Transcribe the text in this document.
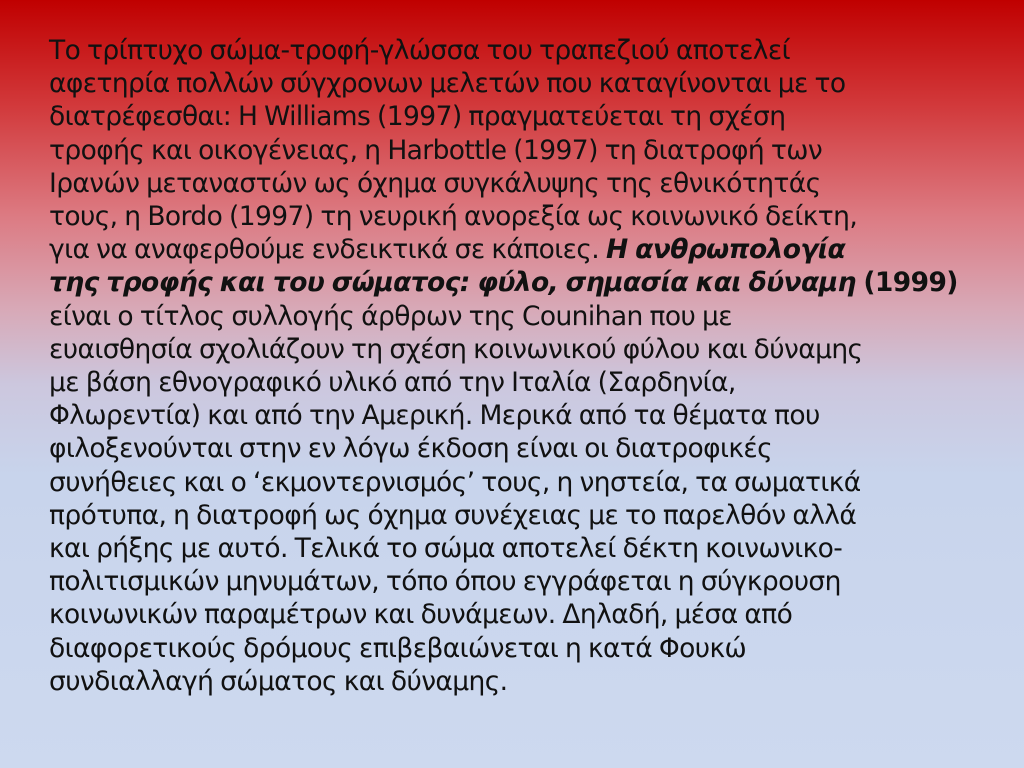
Το τρίπτυχο σώμα-τροφή-γλώσσα του τραπεζιού αποτελεί
αφετηρία πολλών σύγχρονων μελετών που καταγίνονται με το
διατρέφεσθαι: Η Williams (1997) πραγματεύεται τη σχέση
τροφής και οικογένειας, η Harbottle (1997) τη διατροφή των
Ιρανών μεταναστών ως όχημα συγκάλυψης της εθνικότητάς
τους, η Bordo (1997) τη νευρική ανορεξία ως κοινωνικό δείκτη,
για να αναφερθούμε ενδεικτικά σε κάποιες. Η ανθρωπολογία
της τροφής και του σώματος: φύλο, σημασία και δύναμη (1999)
είναι ο τίτλος συλλογής άρθρων της Counihan που με
ευαισθησία σχολιάζουν τη σχέση κοινωνικού φύλου και δύναμης
με βάση εθνογραφικό υλικό από την Ιταλία (Σαρδηνία,
Φλωρεντία) και από την Αμερική. Μερικά από τα θέματα που
φιλοξενούνται στην εν λόγω έκδοση είναι οι διατροφικές
συνήθειες και ο ‘εκμοντερνισμός’ τους, η νηστεία, τα σωματικά
πρότυπα, η διατροφή ως όχημα συνέχειας με το παρελθόν αλλά
και ρήξης με αυτό. Τελικά το σώμα αποτελεί δέκτη κοινωνικο-
πολιτισμικών μηνυμάτων, τόπο όπου εγγράφεται η σύγκρουση
κοινωνικών παραμέτρων και δυνάμεων. Δηλαδή, μέσα από
διαφορετικούς δρόμους επιβεβαιώνεται η κατά Φουκώ
συνδιαλλαγή σώματος και δύναμης.
